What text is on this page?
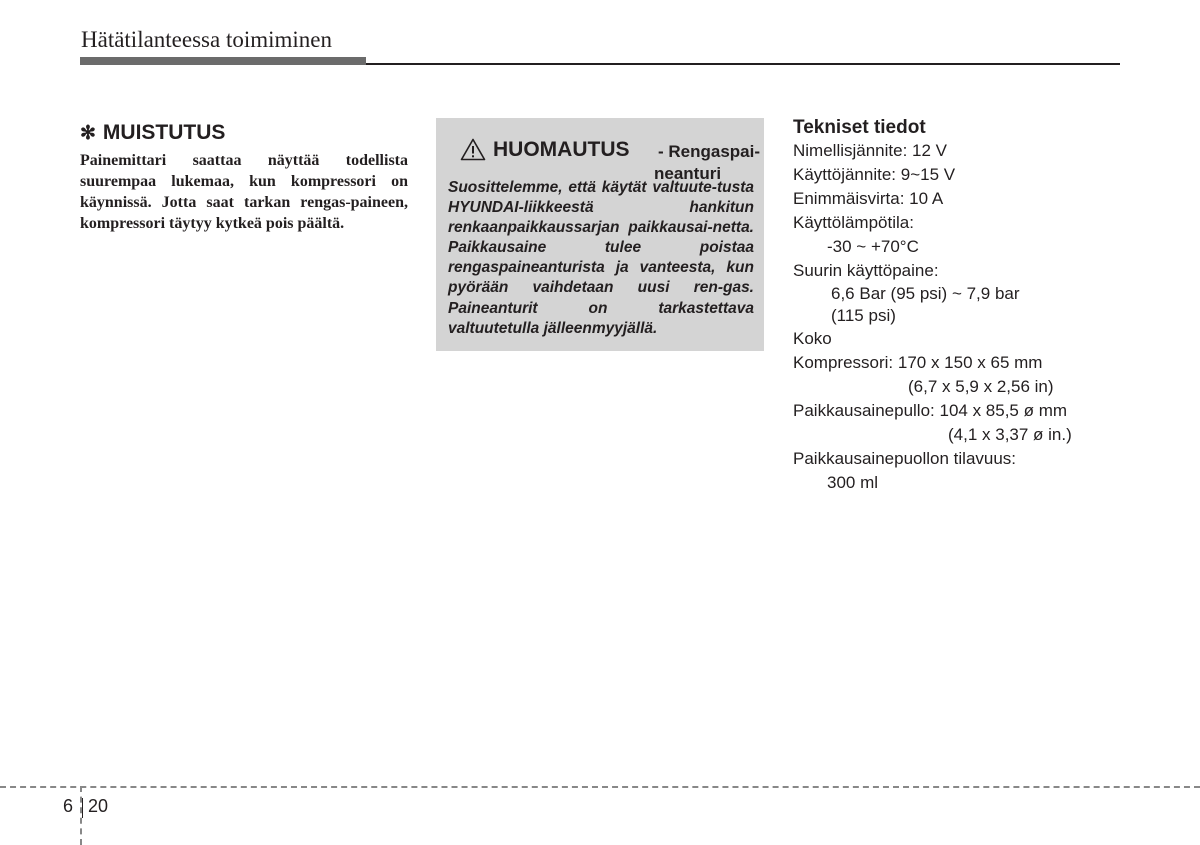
Hätätilanteessa toimiminen
✻ MUISTUTUS
Painemittari saattaa näyttää todellista suurempaa lukemaa, kun kompressori on käynnissä. Jotta saat tarkan rengas-paineen, kompressori täytyy kytkeä pois päältä.
HUOMAUTUS - Rengaspai-
neanturi
Suosittelemme, että käytät valtuute-tusta HYUNDAI-liikkeestä hankitun renkaanpaikkaussarjan paikkausai-netta. Paikkausaine tulee poistaa rengaspaineanturista ja vanteesta, kun pyörään vaihdetaan uusi ren-gas. Paineanturit on tarkastettava valtuutetulla jälleenmyyjällä.
Tekniset tiedot
Nimellisjännite: 12 V
Käyttöjännite: 9~15 V
Enimmäisvirta: 10 A
Käyttölämpötila:
-30 ~ +70°C
Suurin käyttöpaine:
6,6 Bar (95 psi) ~ 7,9 bar
(115 psi)
Koko
Kompressori: 170 x 150 x 65 mm
(6,7 x 5,9 x 2,56 in)
Paikkausainepullo: 104 x 85,5 ø mm
(4,1 x 3,37 ø in.)
Paikkausainepuollon tilavuus:
300 ml
6 20
